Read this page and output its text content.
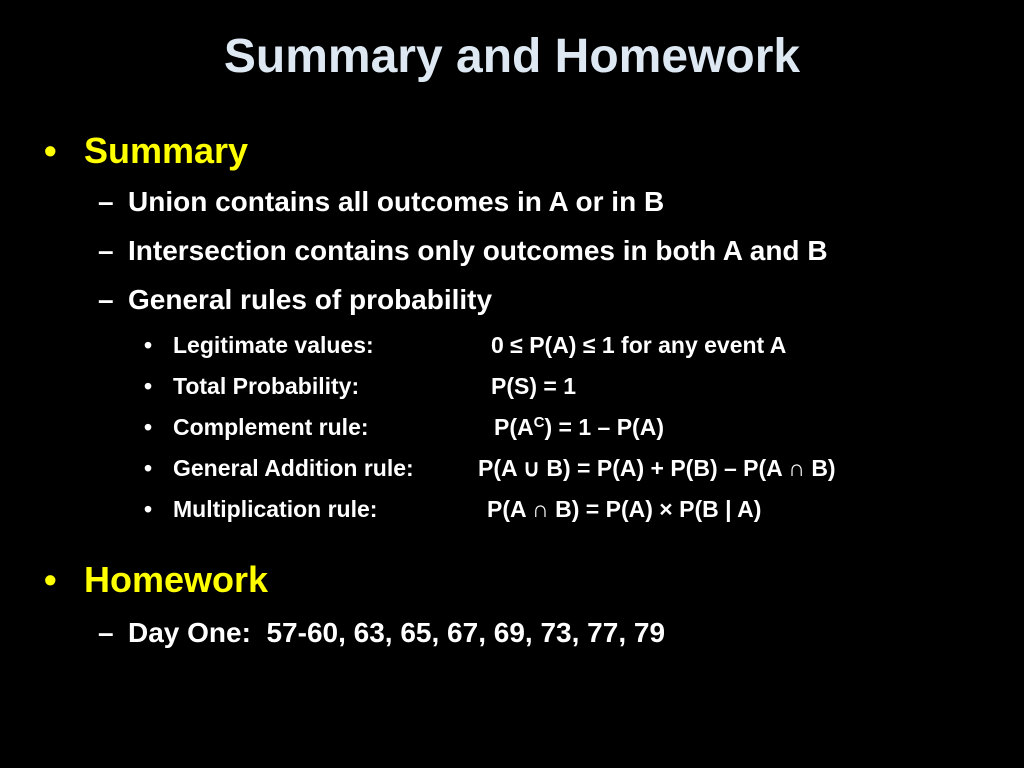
Summary and Homework
• Summary
– Union contains all outcomes in A or in B
– Intersection contains only outcomes in both A and B
– General rules of probability
• Legitimate values:	0 ≤ P(A) ≤ 1 for any event A
• Total Probability:	P(S) = 1
• Complement rule:	$P(A^C) = 1 - P(A)$
• General Addition rule:	P(A ∪ B) = P(A) + P(B) – P(A ∩ B)
• Multiplication rule:	P(A ∩ B) = P(A) × P(B | A)
• Homework
– Day One:  57-60, 63, 65, 67, 69, 73, 77, 79
